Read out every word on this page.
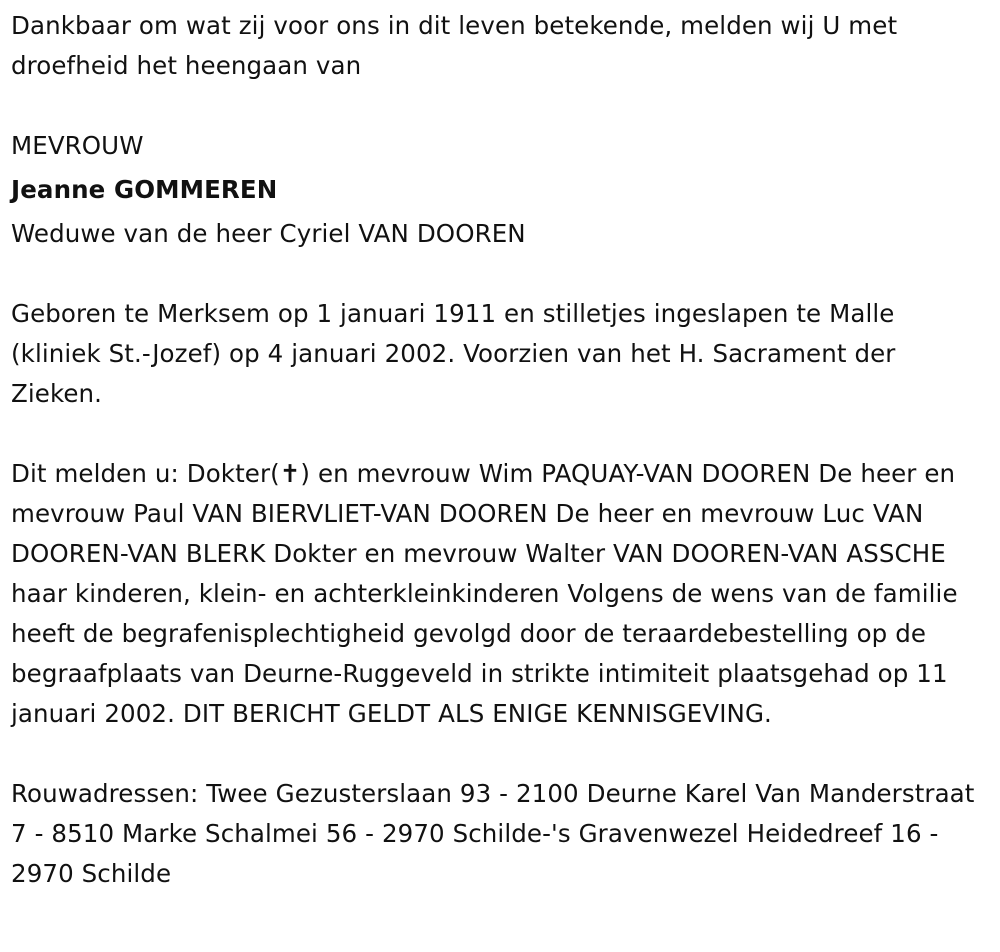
Dankbaar om wat zij voor ons in dit leven betekende, melden wij U met droefheid het heengaan van

MEVROUW

Jeanne GOMMEREN

Weduwe van de heer Cyriel VAN DOOREN

Geboren te Merksem op 1 januari 1911 en stilletjes ingeslapen te Malle (kliniek St.-Jozef) op 4 januari 2002. Voorzien van het H. Sacrament der Zieken.

Dit melden u: Dokter(✝) en mevrouw Wim PAQUAY-VAN DOOREN De heer en mevrouw Paul VAN BIERVLIET-VAN DOOREN De heer en mevrouw Luc VAN DOOREN-VAN BLERK Dokter en mevrouw Walter VAN DOOREN-VAN ASSCHE haar kinderen, klein- en achterkleinkinderen Volgens de wens van de familie heeft de begrafenisplechtigheid gevolgd door de teraardebestelling op de begraafplaats van Deurne-Ruggeveld in strikte intimiteit plaatsgehad op 11 januari 2002. DIT BERICHT GELDT ALS ENIGE KENNISGEVING.

Rouwadressen: Twee Gezusterslaan 93 - 2100 Deurne Karel Van Manderstraat 7 - 8510 Marke Schalmei 56 - 2970 Schilde-'s Gravenwezel Heidedreef 16 - 2970 Schilde
